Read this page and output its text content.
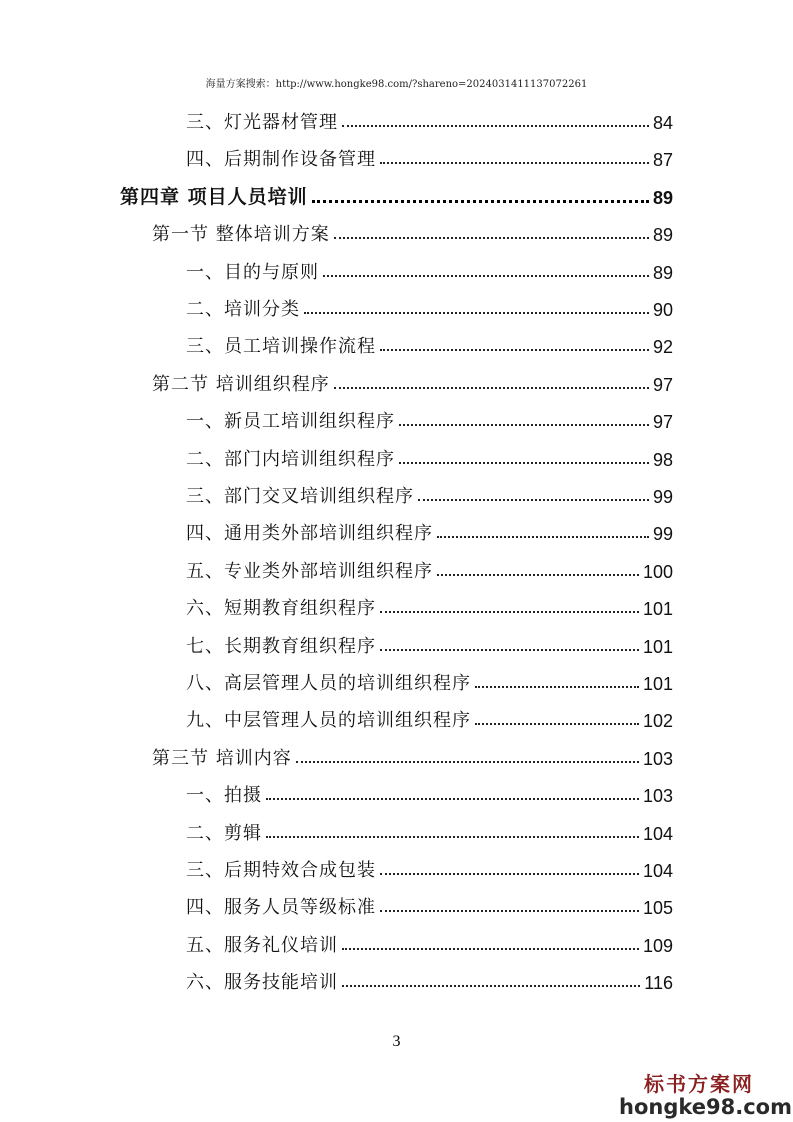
海量方案搜索：http://www.hongke98.com/?shareno=2024031411137072261
三、灯光器材管理	84
四、后期制作设备管理	87
第四章 项目人员培训	89
第一节 整体培训方案	89
一、目的与原则	89
二、培训分类	90
三、员工培训操作流程	92
第二节 培训组织程序	97
一、新员工培训组织程序	97
二、部门内培训组织程序	98
三、部门交叉培训组织程序	99
四、通用类外部培训组织程序	99
五、专业类外部培训组织程序	100
六、短期教育组织程序	101
七、长期教育组织程序	101
八、高层管理人员的培训组织程序	101
九、中层管理人员的培训组织程序	102
第三节 培训内容	103
一、拍摄	103
二、剪辑	104
三、后期特效合成包装	104
四、服务人员等级标准	105
五、服务礼仪培训	109
六、服务技能培训	116
3
标书方案网
hongke98.com
